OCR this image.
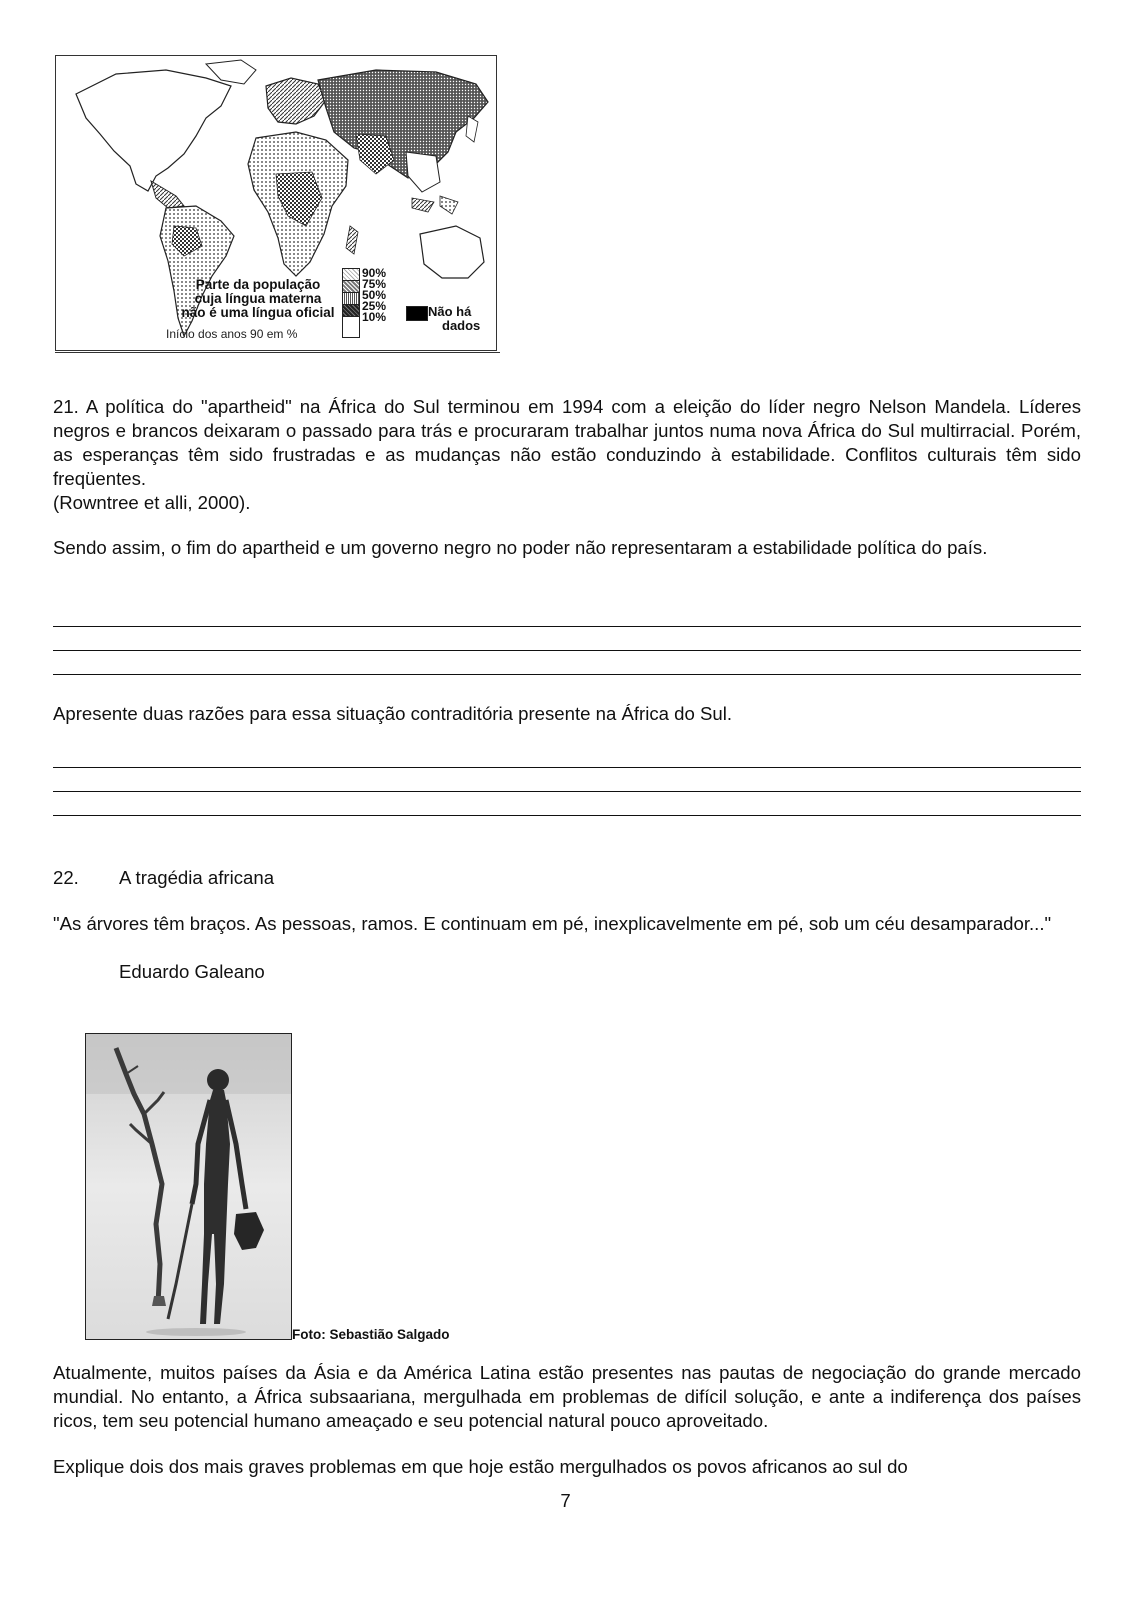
Parte da população
cuja língua materna
não é uma língua oficial
Início dos anos 90 em %
90%
75%
50%
25%
10%	Não há
dados

21. A política do "apartheid" na África do Sul terminou em 1994 com a eleição do líder negro Nelson Mandela. Líderes negros e brancos deixaram o passado para trás e procuraram trabalhar juntos numa nova África do Sul multirracial. Porém, as esperanças têm sido frustradas e as mudanças não estão conduzindo à estabilidade. Conflitos culturais têm sido freqüentes.

(Rowntree et alli, 2000).

Sendo assim, o fim do apartheid e um governo negro no poder não representaram a estabilidade política do país.
Apresente duas razões para essa situação contraditória presente na África do Sul.
22. A tragédia africana
"As árvores têm braços. As pessoas, ramos. E continuam em pé, inexplicavelmente em pé, sob um céu desamparador..."
Eduardo Galeano
Foto: Sebastião Salgado
Atualmente, muitos países da Ásia e da América Latina estão presentes nas pautas de negociação do grande mercado mundial. No entanto, a África subsaariana, mergulhada em problemas de difícil solução, e ante a indiferença dos países ricos, tem seu potencial humano ameaçado e seu potencial natural pouco aproveitado.
Explique dois dos mais graves problemas em que hoje estão mergulhados os povos africanos ao sul do
7
